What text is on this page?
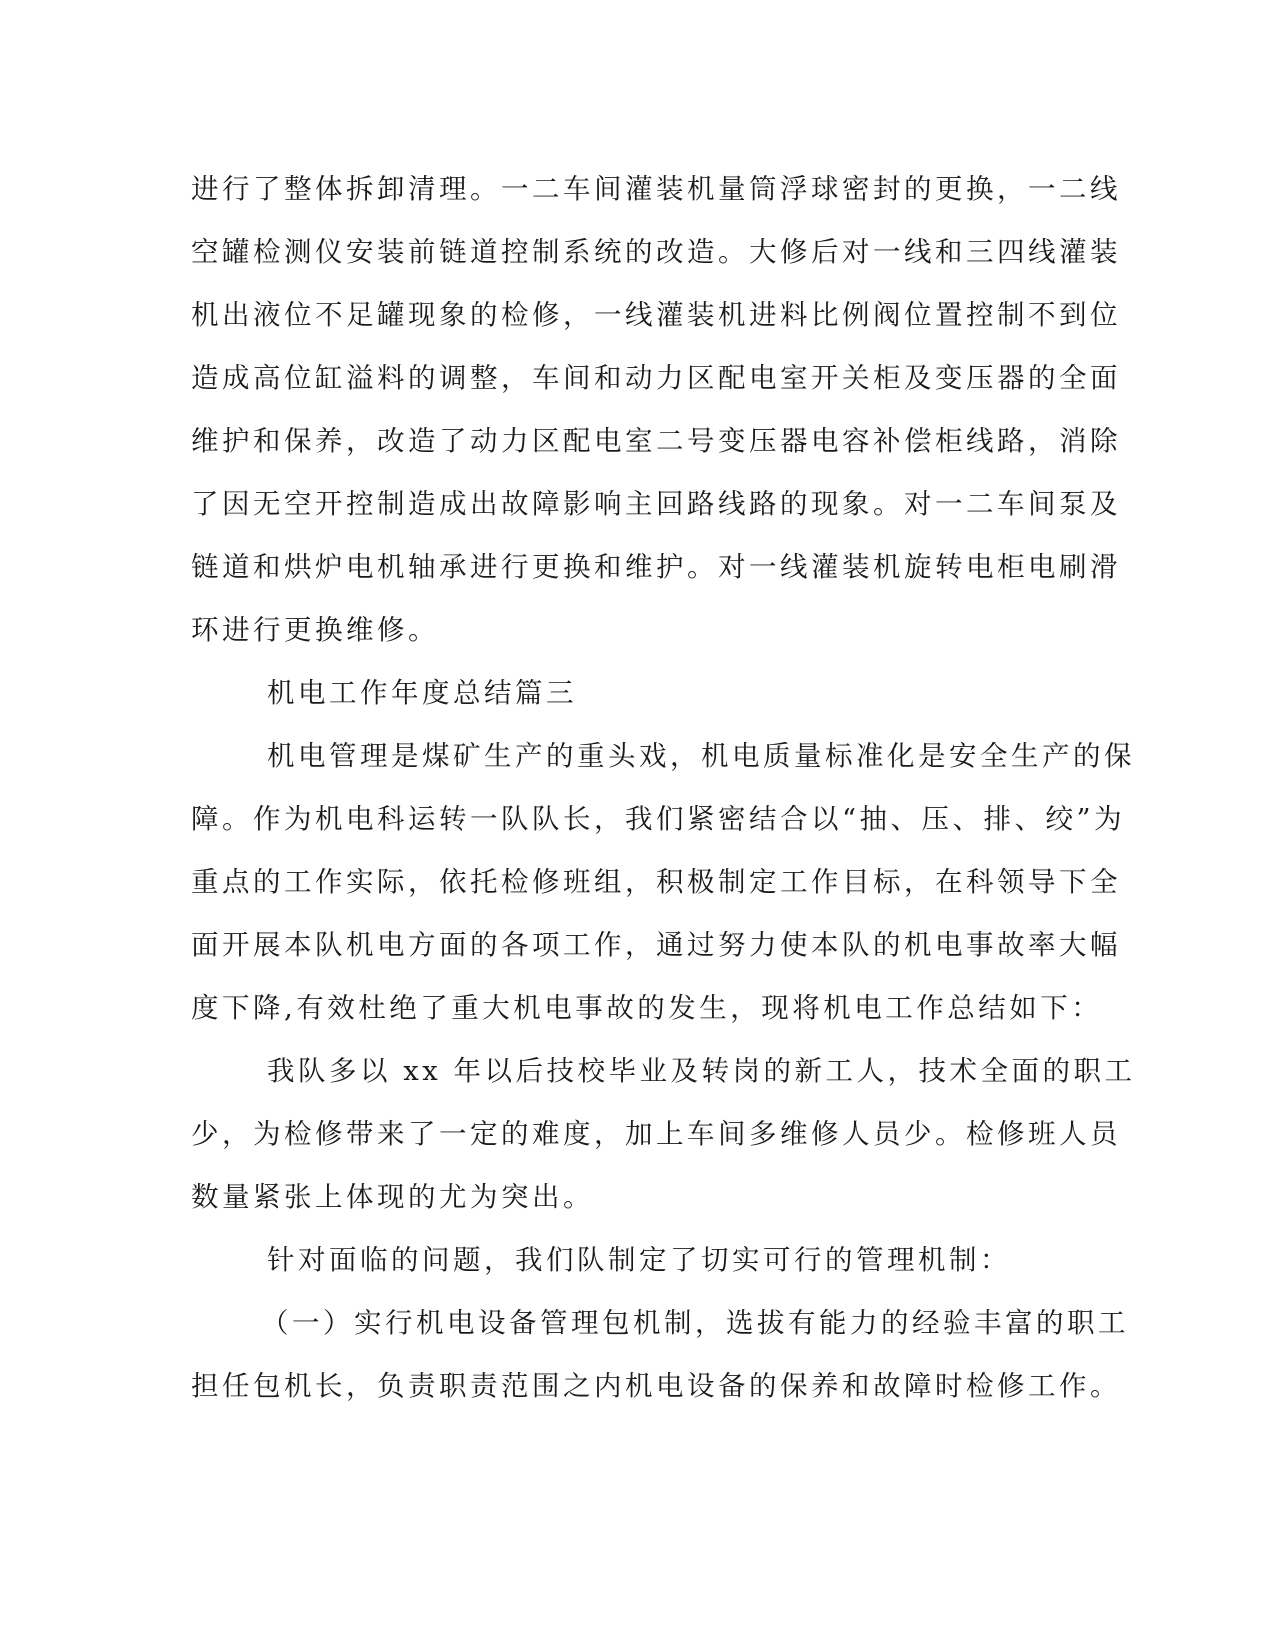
进行了整体拆卸清理。一二车间灌装机量筒浮球密封的更换，一二线
空罐检测仪安装前链道控制系统的改造。大修后对一线和三四线灌装
机出液位不足罐现象的检修，一线灌装机进料比例阀位置控制不到位
造成高位缸溢料的调整，车间和动力区配电室开关柜及变压器的全面
维护和保养，改造了动力区配电室二号变压器电容补偿柜线路，消除
了因无空开控制造成出故障影响主回路线路的现象。对一二车间泵及
链道和烘炉电机轴承进行更换和维护。对一线灌装机旋转电柜电刷滑
环进行更换维修。
机电工作年度总结篇三
机电管理是煤矿生产的重头戏，机电质量标准化是安全生产的保
障。作为机电科运转一队队长，我们紧密结合以“抽、压、排、绞”为
重点的工作实际，依托检修班组，积极制定工作目标，在科领导下全
面开展本队机电方面的各项工作，通过努力使本队的机电事故率大幅
度下降,有效杜绝了重大机电事故的发生，现将机电工作总结如下：
我队多以 xx 年以后技校毕业及转岗的新工人，技术全面的职工
少，为检修带来了一定的难度，加上车间多维修人员少。检修班人员
数量紧张上体现的尤为突出。
针对面临的问题，我们队制定了切实可行的管理机制：
（一）实行机电设备管理包机制，选拔有能力的经验丰富的职工
担任包机长，负责职责范围之内机电设备的保养和故障时检修工作。
